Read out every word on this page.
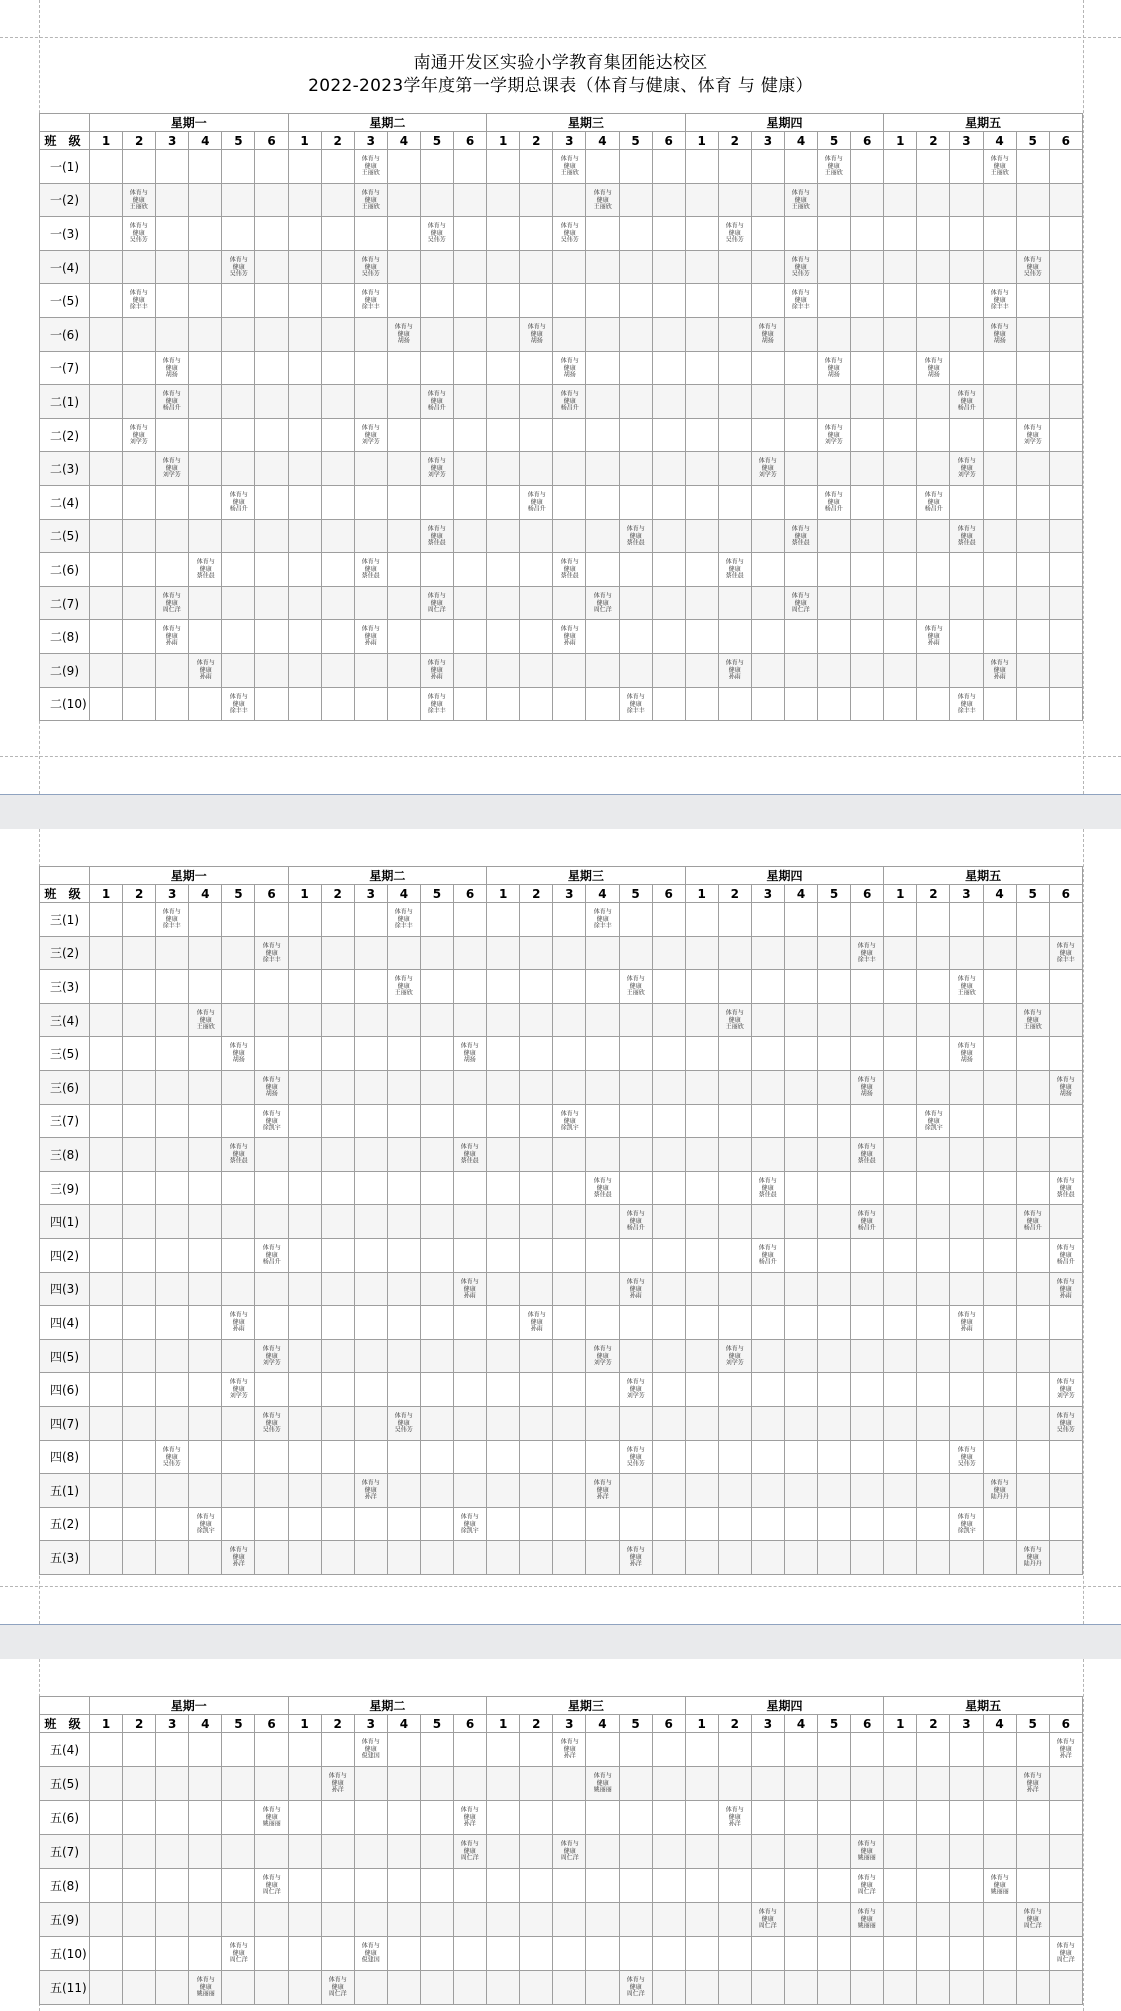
南通开发区实验小学教育集团能达校区
2022-2023学年度第一学期总课表（体育与健康、体育 与 健康）
	星期一						星期二						星期三						星期四						星期五					
班 级	1	2	3	4	5	6	1	2	3	4	5	6	1	2	3	4	5	6	1	2	3	4	5	6	1	2	3	4	5	6
一(1)									体育与
健康
王丽欣						体育与
健康
王丽欣								体育与
健康
王丽欣					体育与
健康
王丽欣		

一(2)		体育与
健康
王丽欣							体育与
健康
王丽欣							体育与
健康
王丽欣						体育与
健康
王丽欣								

一(3)		体育与
健康
吴伟芳									体育与
健康
吴伟芳				体育与
健康
吴伟芳					体育与
健康
吴伟芳										

一(4)					体育与
健康
吴伟芳				体育与
健康
吴伟芳													体育与
健康
吴伟芳							体育与
健康
吴伟芳	

一(5)		体育与
健康
徐丰丰							体育与
健康
徐丰丰													体育与
健康
徐丰丰						体育与
健康
徐丰丰		

一(6)										体育与
健康
胡扬				体育与
健康
胡扬							体育与
健康
胡扬							体育与
健康
胡扬		

一(7)			体育与
健康
胡扬												体育与
健康
胡扬								体育与
健康
胡扬			体育与
健康
胡扬				

二(1)			体育与
健康
杨昌升								体育与
健康
杨昌升				体育与
健康
杨昌升												体育与
健康
杨昌升			

二(2)		体育与
健康
刘学芳							体育与
健康
刘学芳														体育与
健康
刘学芳						体育与
健康
刘学芳	

二(3)			体育与
健康
刘学芳								体育与
健康
刘学芳										体育与
健康
刘学芳						体育与
健康
刘学芳			

二(4)					体育与
健康
杨昌升									体育与
健康
杨昌升									体育与
健康
杨昌升			体育与
健康
杨昌升				

二(5)											体育与
健康
蔡佳晨						体育与
健康
蔡佳晨					体育与
健康
蔡佳晨					体育与
健康
蔡佳晨			

二(6)				体育与
健康
蔡佳晨					体育与
健康
蔡佳晨						体育与
健康
蔡佳晨					体育与
健康
蔡佳晨										

二(7)			体育与
健康
周仁洋								体育与
健康
周仁洋					体育与
健康
周仁洋						体育与
健康
周仁洋								

二(8)			体育与
健康
孙雨						体育与
健康
孙雨						体育与
健康
孙雨											体育与
健康
孙雨				

二(9)				体育与
健康
孙雨							体育与
健康
孙雨									体育与
健康
孙雨								体育与
健康
孙雨		

二(10)					体育与
健康
徐丰丰						体育与
健康
徐丰丰						体育与
健康
徐丰丰										体育与
健康
徐丰丰			

	星期一						星期二						星期三						星期四						星期五					
班 级	1	2	3	4	5	6	1	2	3	4	5	6	1	2	3	4	5	6	1	2	3	4	5	6	1	2	3	4	5	6
三(1)			体育与
健康
徐丰丰							体育与
健康
徐丰丰						体育与
健康
徐丰丰														

三(2)						体育与
健康
徐丰丰																		体育与
健康
徐丰丰						体育与
健康
徐丰丰

三(3)										体育与
健康
王丽欣							体育与
健康
王丽欣										体育与
健康
王丽欣			

三(4)				体育与
健康
王丽欣																体育与
健康
王丽欣									体育与
健康
王丽欣	

三(5)					体育与
健康
胡扬							体育与
健康
胡扬															体育与
健康
胡扬			

三(6)						体育与
健康
胡扬																		体育与
健康
胡扬						体育与
健康
胡扬

三(7)						体育与
健康
徐凯宇									体育与
健康
徐凯宇											体育与
健康
徐凯宇				

三(8)					体育与
健康
蔡佳晨							体育与
健康
蔡佳晨												体育与
健康
蔡佳晨						

三(9)																体育与
健康
蔡佳晨					体育与
健康
蔡佳晨									体育与
健康
蔡佳晨

四(1)																	体育与
健康
杨昌升							体育与
健康
杨昌升					体育与
健康
杨昌升	

四(2)						体育与
健康
杨昌升															体育与
健康
杨昌升									体育与
健康
杨昌升

四(3)												体育与
健康
孙雨					体育与
健康
孙雨													体育与
健康
孙雨

四(4)					体育与
健康
孙雨									体育与
健康
孙雨													体育与
健康
孙雨			

四(5)						体育与
健康
刘学芳										体育与
健康
刘学芳				体育与
健康
刘学芳										

四(6)					体育与
健康
刘学芳												体育与
健康
刘学芳													体育与
健康
刘学芳

四(7)						体育与
健康
吴伟芳				体育与
健康
吴伟芳																				体育与
健康
吴伟芳

四(8)			体育与
健康
吴伟芳														体育与
健康
吴伟芳										体育与
健康
吴伟芳			

五(1)									体育与
健康
孙洋							体育与
健康
孙洋												体育与
健康
陆丹丹		

五(2)				体育与
健康
徐凯宇								体育与
健康
徐凯宇															体育与
健康
徐凯宇			

五(3)					体育与
健康
孙洋												体育与
健康
孙洋												体育与
健康
陆丹丹	

	星期一						星期二						星期三						星期四						星期五					
班 级	1	2	3	4	5	6	1	2	3	4	5	6	1	2	3	4	5	6	1	2	3	4	5	6	1	2	3	4	5	6
五(4)									体育与
健康
倪建国						体育与
健康
孙洋															体育与
健康
孙洋

五(5)								体育与
健康
孙洋								体育与
健康
姚丽丽													体育与
健康
孙洋	

五(6)						体育与
健康
姚丽丽						体育与
健康
孙洋								体育与
健康
孙洋										

五(7)												体育与
健康
周仁洋			体育与
健康
周仁洋									体育与
健康
姚丽丽						

五(8)						体育与
健康
周仁洋																		体育与
健康
周仁洋				体育与
健康
姚丽丽		

五(9)																					体育与
健康
周仁洋			体育与
健康
姚丽丽					体育与
健康
周仁洋	

五(10)					体育与
健康
周仁洋				体育与
健康
倪建国																					体育与
健康
周仁洋

五(11)				体育与
健康
姚丽丽				体育与
健康
周仁洋									体育与
健康
周仁洋													
